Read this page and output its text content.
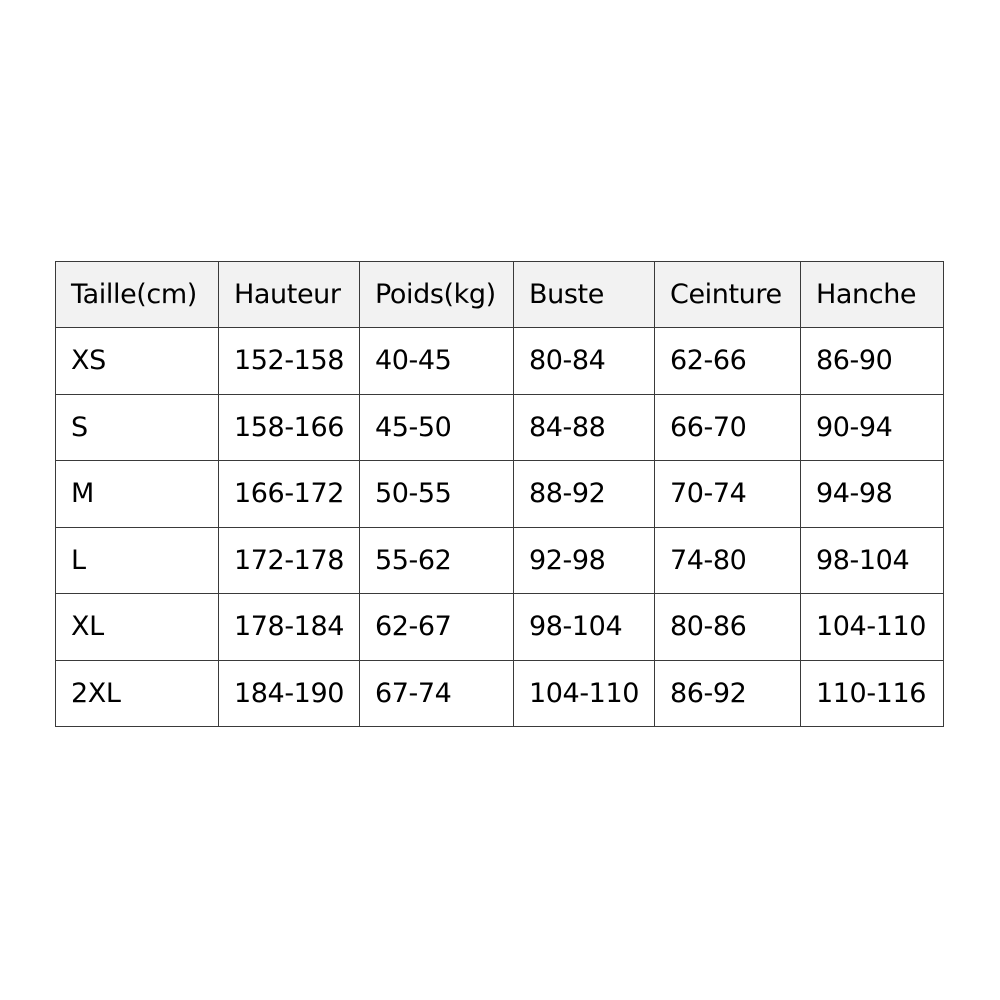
Taille(cm)	Hauteur	Poids(kg)	Buste	Ceinture	Hanche
XS	152-158	40-45	80-84	62-66	86-90
S	158-166	45-50	84-88	66-70	90-94
M	166-172	50-55	88-92	70-74	94-98
L	172-178	55-62	92-98	74-80	98-104
XL	178-184	62-67	98-104	80-86	104-110
2XL	184-190	67-74	104-110	86-92	110-116
